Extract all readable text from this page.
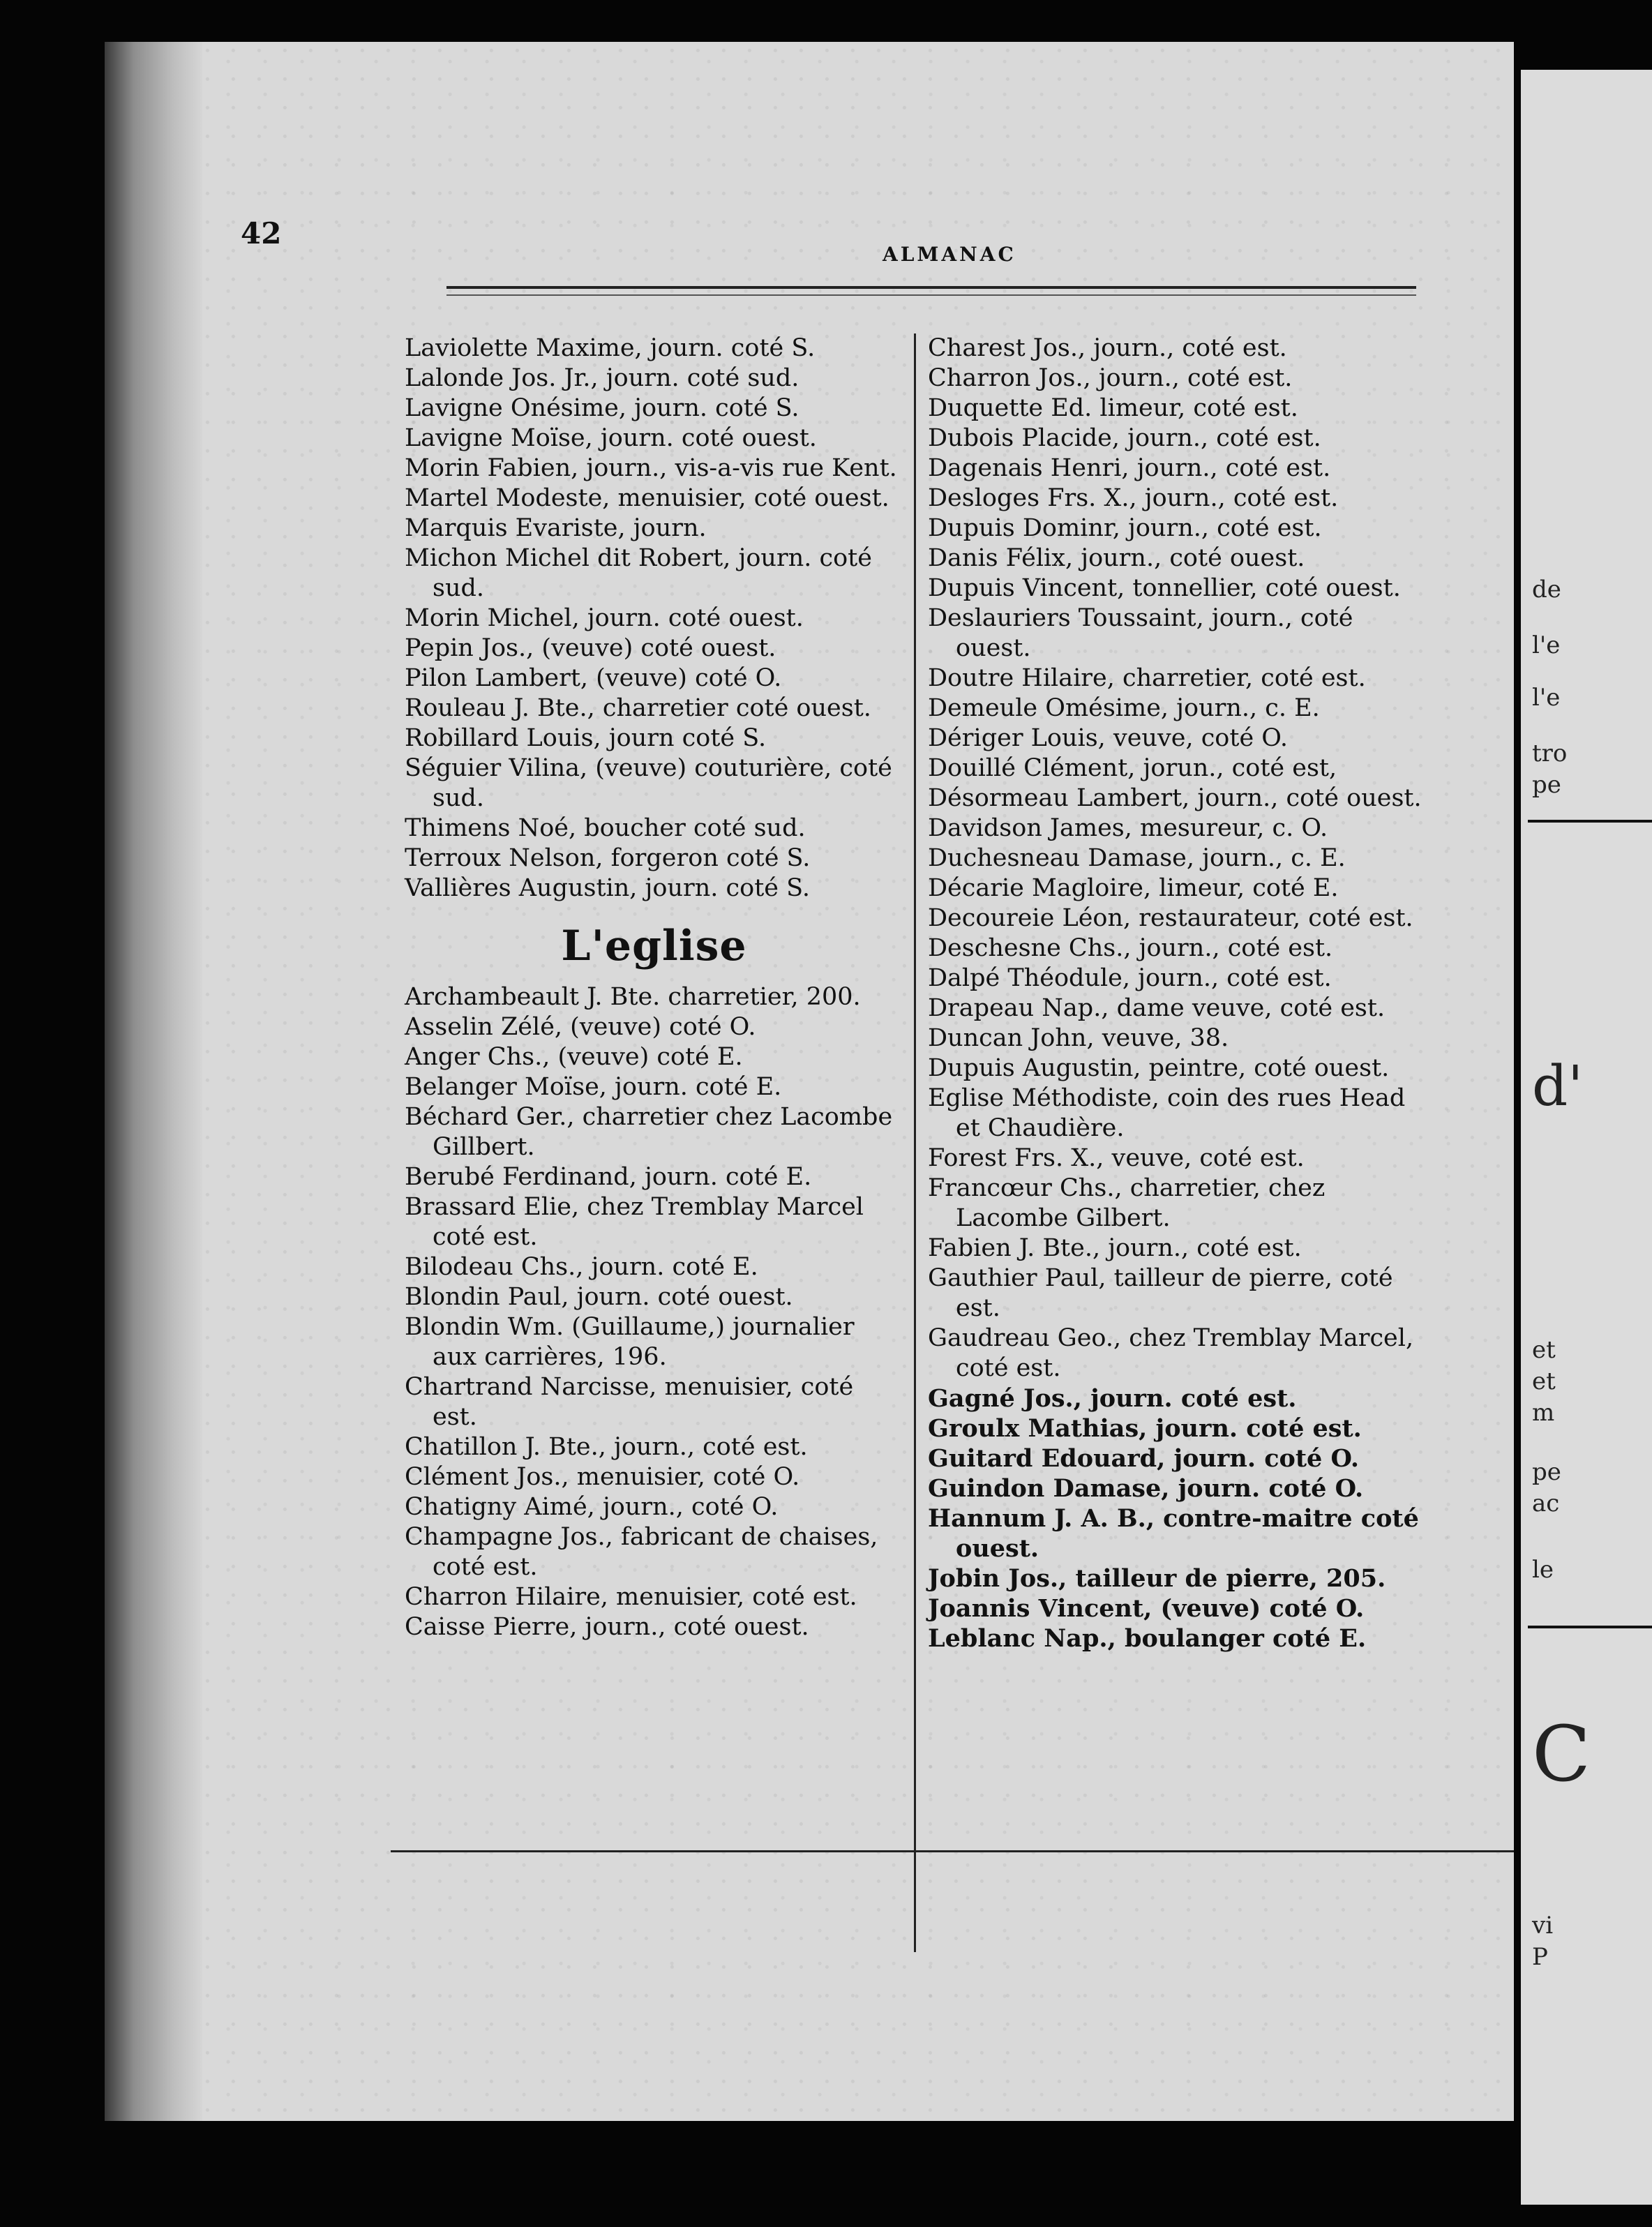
de
l'e
l'e
tro
pe
d'
et
et
m
pe
ac
le
C
vi
P
42
ALMANAC

Laviolette Maxime, journ. coté S.

Lalonde Jos. Jr., journ. coté sud.

Lavigne Onésime, journ. coté S.

Lavigne Moïse, journ. coté ouest.

Morin Fabien, journ., vis-a-vis rue Kent.

Martel Modeste, menuisier, coté ouest.

Marquis Evariste, journ.

Michon Michel dit Robert, journ. coté sud.

Morin Michel, journ. coté ouest.

Pepin Jos., (veuve) coté ouest.

Pilon Lambert, (veuve) coté O.

Rouleau J. Bte., charretier coté ouest.

Robillard Louis, journ coté S.

Séguier Vilina, (veuve) couturière, coté sud.

Thimens Noé, boucher coté sud.

Terroux Nelson, forgeron coté S.

Vallières Augustin, journ. coté S.

L'eglise

Archambeault J. Bte. charretier, 200.

Asselin Zélé, (veuve) coté O.

Anger Chs., (veuve) coté E.

Belanger Moïse, journ. coté E.

Béchard Ger., charretier chez Lacombe Gillbert.

Berubé Ferdinand, journ. coté E.

Brassard Elie, chez Tremblay Marcel coté est.

Bilodeau Chs., journ. coté E.

Blondin Paul, journ. coté ouest.

Blondin Wm. (Guillaume,) journalier aux carrières, 196.

Chartrand Narcisse, menuisier, coté est.

Chatillon J. Bte., journ., coté est.

Clément Jos., menuisier, coté O.

Chatigny Aimé, journ., coté O.

Champagne Jos., fabricant de chaises, coté est.

Charron Hilaire, menuisier, coté est.

Caisse Pierre, journ., coté ouest.

Charest Jos., journ., coté est.

Charron Jos., journ., coté est.

Duquette Ed. limeur, coté est.

Dubois Placide, journ., coté est.

Dagenais Henri, journ., coté est.

Desloges Frs. X., journ., coté est.

Dupuis Dominr, journ., coté est.

Danis Félix, journ., coté ouest.

Dupuis Vincent, tonnellier, coté ouest.

Deslauriers Toussaint, journ., coté ouest.

Doutre Hilaire, charretier, coté est.

Demeule Omésime, journ., c. E.

Dériger Louis, veuve, coté O.

Douillé Clément, jorun., coté est,

Désormeau Lambert, journ., coté ouest.

Davidson James, mesureur, c. O.

Duchesneau Damase, journ., c. E.

Décarie Magloire, limeur, coté E.

Decoureie Léon, restaurateur, coté est.

Deschesne Chs., journ., coté est.

Dalpé Théodule, journ., coté est.

Drapeau Nap., dame veuve, coté est.

Duncan John, veuve, 38.

Dupuis Augustin, peintre, coté ouest.

Eglise Méthodiste, coin des rues Head et Chaudière.

Forest Frs. X., veuve, coté est.

Francœur Chs., charretier, chez Lacombe Gilbert.

Fabien J. Bte., journ., coté est.

Gauthier Paul, tailleur de pierre, coté est.

Gaudreau Geo., chez Tremblay Marcel, coté est.

Gagné Jos., journ. coté est.

Groulx Mathias, journ. coté est.

Guitard Edouard, journ. coté O.

Guindon Damase, journ. coté O.

Hannum J. A. B., contre-maitre coté ouest.

Jobin Jos., tailleur de pierre, 205.

Joannis Vincent, (veuve) coté O.

Leblanc Nap., boulanger coté E.
